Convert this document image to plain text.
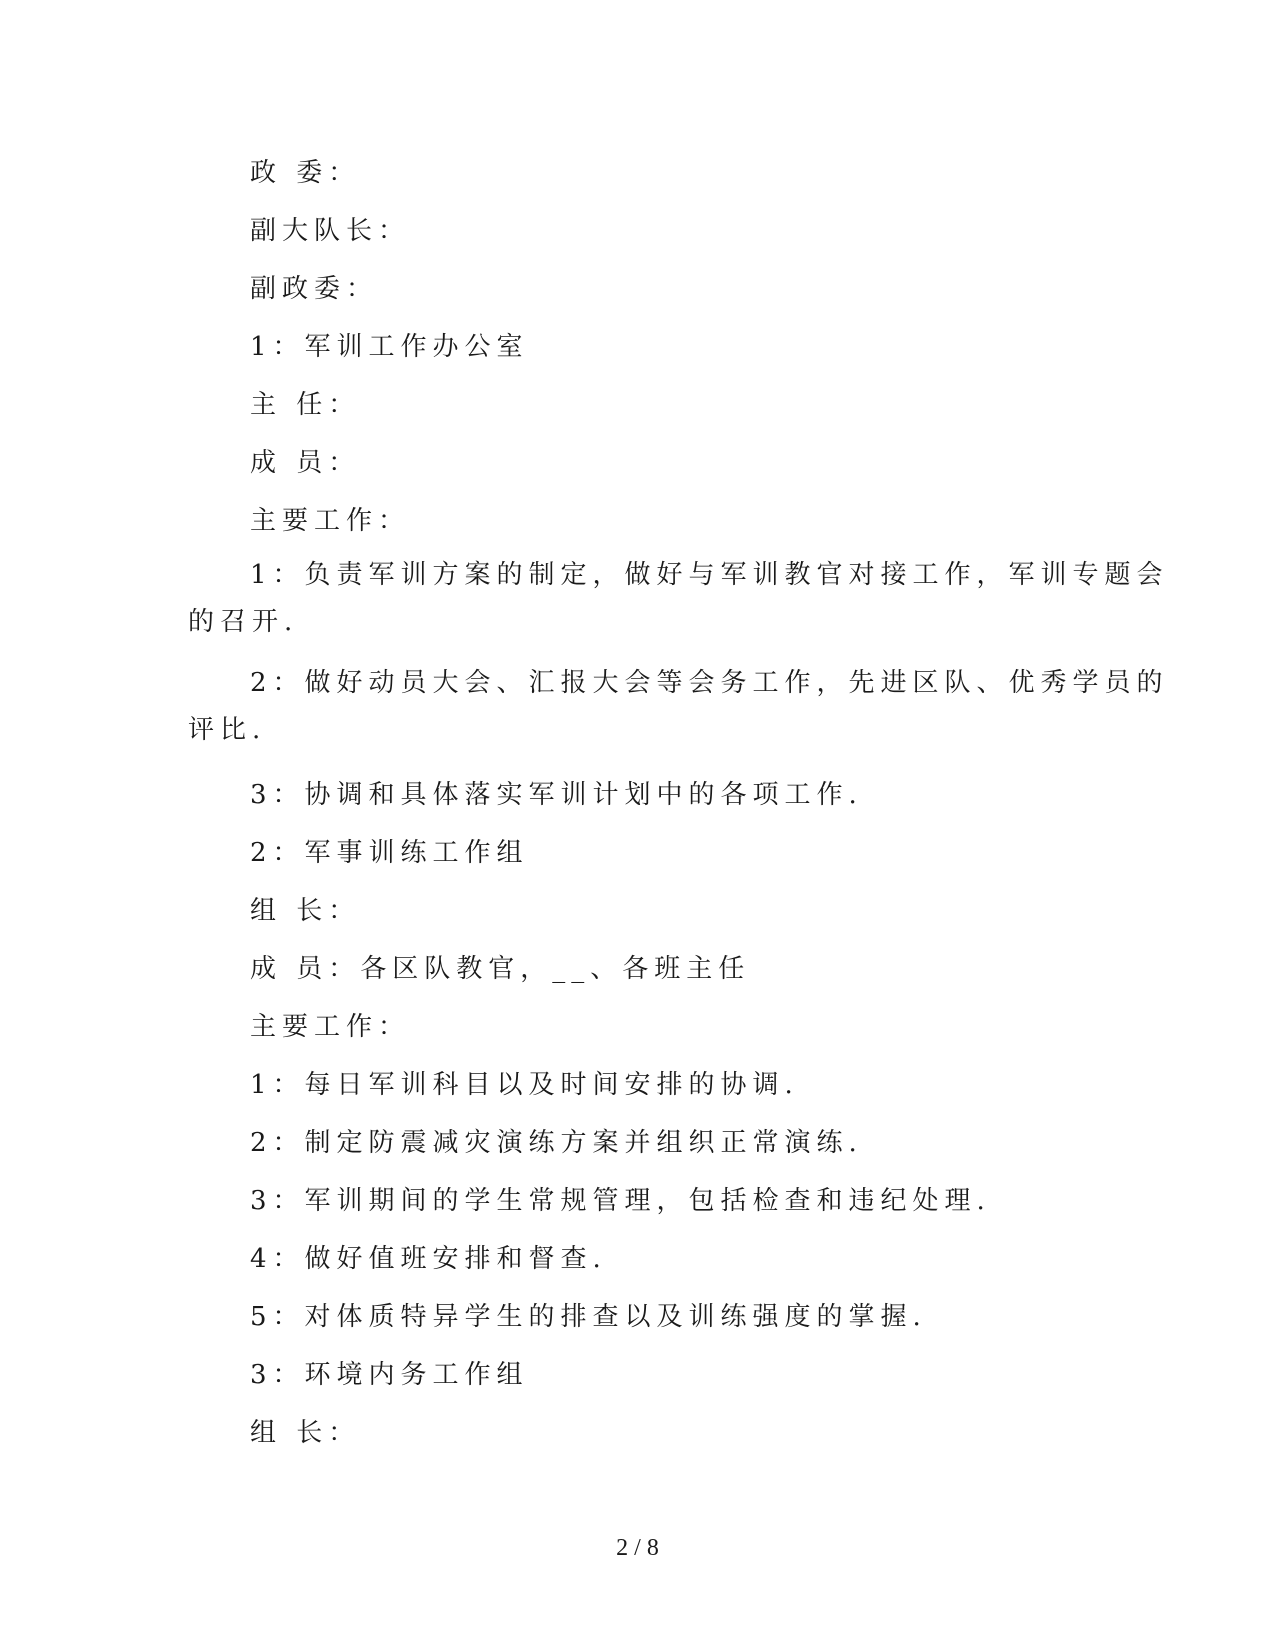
政 委：

副大队长：

副政委：

1：军训工作办公室

主 任：

成 员：

主要工作：

1：负责军训方案的制定，做好与军训教官对接工作，军训专题会

的召开.

2：做好动员大会、汇报大会等会务工作，先进区队、优秀学员的

评比.

3：协调和具体落实军训计划中的各项工作.

2：军事训练工作组

组 长：

成 员：各区队教官，__、各班主任

主要工作：

1：每日军训科目以及时间安排的协调.

2：制定防震减灾演练方案并组织正常演练.

3：军训期间的学生常规管理，包括检查和违纪处理.

4：做好值班安排和督查.

5：对体质特异学生的排查以及训练强度的掌握.

3：环境内务工作组

组 长：

2 / 8
